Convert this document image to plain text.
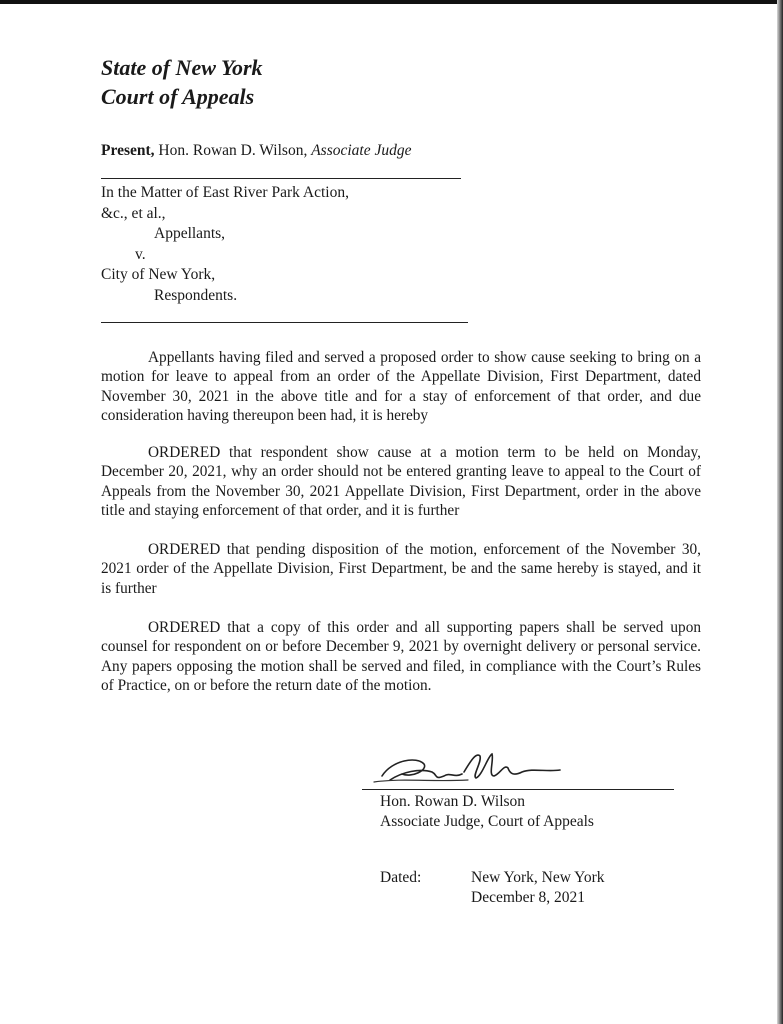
State of New York
Court of Appeals
Present, Hon. Rowan D. Wilson, Associate Judge
In the Matter of East River Park Action,
&c., et al.,
Appellants,
v.
City of New York,
Respondents.
Appellants having filed and served a proposed order to show cause seeking to bring on a motion for leave to appeal from an order of the Appellate Division, First Department, dated November 30, 2021 in the above title and for a stay of enforcement of that order, and due consideration having thereupon been had, it is hereby
ORDERED that respondent show cause at a motion term to be held on Monday, December 20, 2021, why an order should not be entered granting leave to appeal to the Court of Appeals from the November 30, 2021 Appellate Division, First Department, order in the above title and staying enforcement of that order, and it is further
ORDERED that pending disposition of the motion, enforcement of the November 30, 2021 order of the Appellate Division, First Department, be and the same hereby is stayed, and it is further
ORDERED that a copy of this order and all supporting papers shall be served upon counsel for respondent on or before December 9, 2021 by overnight delivery or personal service. Any papers opposing the motion shall be served and filed, in compliance with the Court’s Rules of Practice, on or before the return date of the motion.
Hon. Rowan D. Wilson
Associate Judge, Court of Appeals
Dated:	New York, New York
December 8, 2021
